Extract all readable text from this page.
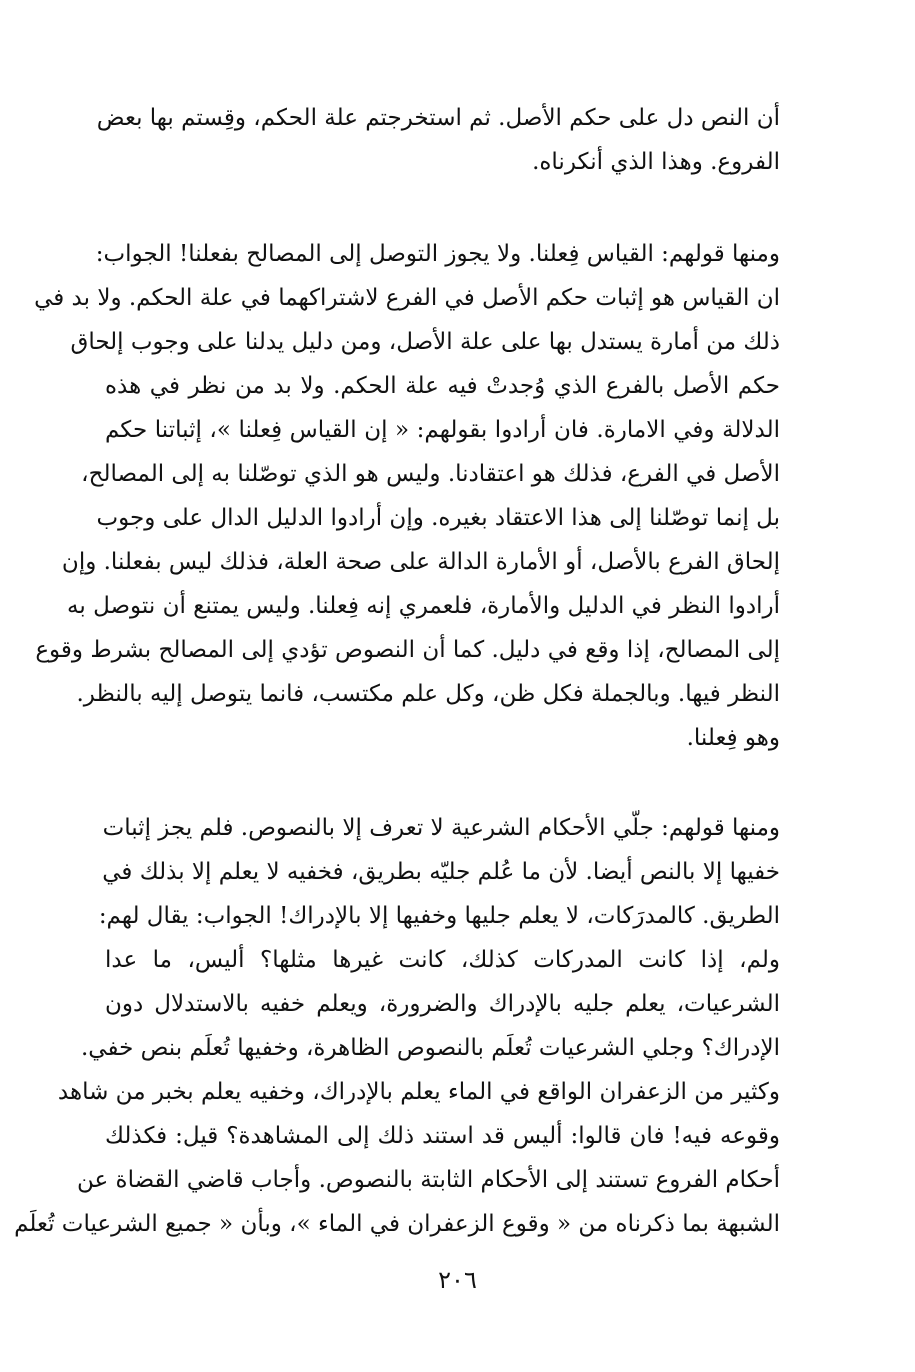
أن النص دل على حكم الأصل. ثم استخرجتم علة الحكم، وقِستم بها بعض
الفروع. وهذا الذي أنكرناه.
ومنها قولهم: القياس فِعلنا. ولا يجوز التوصل إلى المصالح بفعلنا! الجواب:
ان القياس هو إثبات حكم الأصل في الفرع لاشتراكهما في علة الحكم. ولا بد في
ذلك من أمارة يستدل بها على علة الأصل، ومن دليل يدلنا على وجوب إلحاق
حكم الأصل بالفرع الذي وُجدتْ فيه علة الحكم. ولا بد من نظر في هذه
الدلالة وفي الامارة. فان أرادوا بقولهم: « إن القياس فِعلنا »، إثباتنا حكم
الأصل في الفرع، فذلك هو اعتقادنا. وليس هو الذي توصّلنا به إلى المصالح،
بل إنما توصّلنا إلى هذا الاعتقاد بغيره. وإن أرادوا الدليل الدال على وجوب
إلحاق الفرع بالأصل، أو الأمارة الدالة على صحة العلة، فذلك ليس بفعلنا. وإن
أرادوا النظر في الدليل والأمارة، فلعمري إنه فِعلنا. وليس يمتنع أن نتوصل به
إلى المصالح، إذا وقع في دليل. كما أن النصوص تؤدي إلى المصالح بشرط وقوع
النظر فيها. وبالجملة فكل ظن، وكل علم مكتسب، فانما يتوصل إليه بالنظر.
وهو فِعلنا.
ومنها قولهم: جلّي الأحكام الشرعية لا تعرف إلا بالنصوص. فلم يجز إثبات
خفيها إلا بالنص أيضا. لأن ما عُلم جليّه بطريق، فخفيه لا يعلم إلا بذلك في
الطريق. كالمدرَكات، لا يعلم جليها وخفيها إلا بالإدراك! الجواب: يقال لهم:
ولم، إذا كانت المدركات كذلك، كانت غيرها مثلها؟ أليس، ما عدا
الشرعيات، يعلم جليه بالإدراك والضرورة، ويعلم خفيه بالاستدلال دون
الإدراك؟ وجلي الشرعيات تُعلَم بالنصوص الظاهرة، وخفيها تُعلَم بنص خفي.
وكثير من الزعفران الواقع في الماء يعلم بالإدراك، وخفيه يعلم بخبر من شاهد
وقوعه فيه! فان قالوا: أليس قد استند ذلك إلى المشاهدة؟ قيل: فكذلك
أحكام الفروع تستند إلى الأحكام الثابتة بالنصوص. وأجاب قاضي القضاة عن
الشبهة بما ذكرناه من « وقوع الزعفران في الماء »، وبأن « جميع الشرعيات تُعلَم
٢٠٦
